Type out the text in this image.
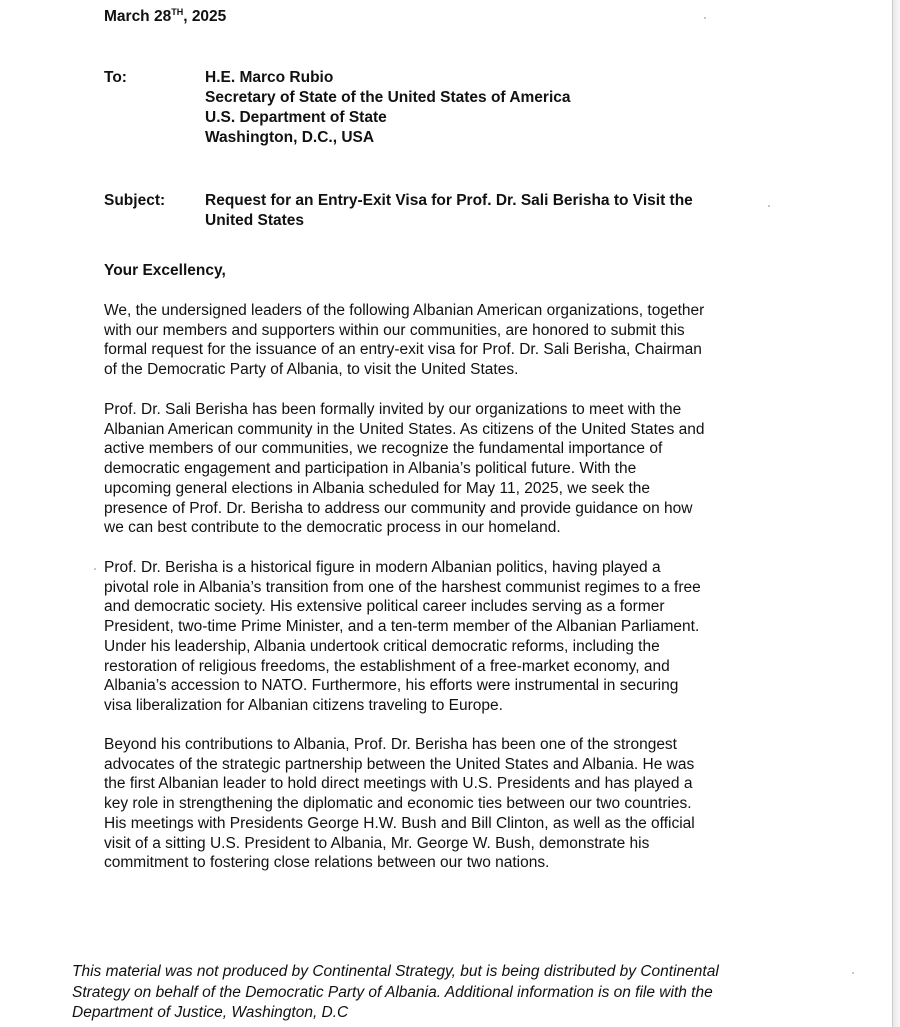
March 28TH, 2025
To:	H.E. Marco Rubio
Secretary of State of the United States of America
U.S. Department of State
Washington, D.C., USA
Subject:	Request for an Entry-Exit Visa for Prof. Dr. Sali Berisha to Visit the
United States
Your Excellency,
We, the undersigned leaders of the following Albanian American organizations, together
with our members and supporters within our communities, are honored to submit this
formal request for the issuance of an entry-exit visa for Prof. Dr. Sali Berisha, Chairman
of the Democratic Party of Albania, to visit the United States.
Prof. Dr. Sali Berisha has been formally invited by our organizations to meet with the
Albanian American community in the United States. As citizens of the United States and
active members of our communities, we recognize the fundamental importance of
democratic engagement and participation in Albania’s political future. With the
upcoming general elections in Albania scheduled for May 11, 2025, we seek the
presence of Prof. Dr. Berisha to address our community and provide guidance on how
we can best contribute to the democratic process in our homeland.
Prof. Dr. Berisha is a historical figure in modern Albanian politics, having played a
pivotal role in Albania’s transition from one of the harshest communist regimes to a free
and democratic society. His extensive political career includes serving as a former
President, two-time Prime Minister, and a ten-term member of the Albanian Parliament.
Under his leadership, Albania undertook critical democratic reforms, including the
restoration of religious freedoms, the establishment of a free-market economy, and
Albania’s accession to NATO. Furthermore, his efforts were instrumental in securing
visa liberalization for Albanian citizens traveling to Europe.
Beyond his contributions to Albania, Prof. Dr. Berisha has been one of the strongest
advocates of the strategic partnership between the United States and Albania. He was
the first Albanian leader to hold direct meetings with U.S. Presidents and has played a
key role in strengthening the diplomatic and economic ties between our two countries.
His meetings with Presidents George H.W. Bush and Bill Clinton, as well as the official
visit of a sitting U.S. President to Albania, Mr. George W. Bush, demonstrate his
commitment to fostering close relations between our two nations.
This material was not produced by Continental Strategy, but is being distributed by Continental
Strategy on behalf of the Democratic Party of Albania. Additional information is on file with the
Department of Justice, Washington, D.C
